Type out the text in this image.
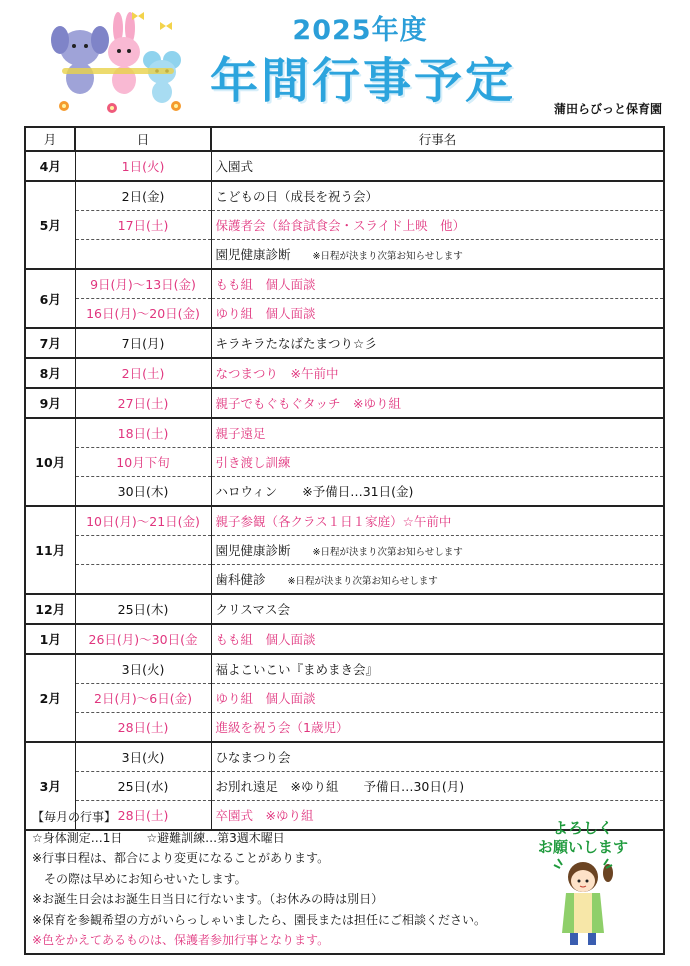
2025年度
年間行事予定	蒲田らびっと保育園
月	日	行事名
4月	1日(火)	入園式
5月	2日(金)	こどもの日（成長を祝う会）
	17日(土)	保護者会（給食試食会・スライド上映　他）
		園児健康診断 ※日程が決まり次第お知らせします
6月	9日(月)～13日(金)	もも組　個人面談
	16日(月)～20日(金)	ゆり組　個人面談
7月	7日(月)	キラキラたなばたまつり☆彡
8月	2日(土)	なつまつり　※午前中
9月	27日(土)	親子でもぐもぐタッチ　※ゆり組
10月	18日(土)	親子遠足
	10月下旬	引き渡し訓練
	30日(木)	ハロウィン　　※予備日…31日(金)
11月	10日(月)～21日(金)	親子参観（各クラス１日１家庭）☆午前中
		園児健康診断 ※日程が決まり次第お知らせします
		歯科健診 ※日程が決まり次第お知らせします
12月	25日(木)	クリスマス会
1月	26日(月)～30日(金	もも組　個人面談
2月	3日(火)	福よこいこい『まめまき会』
	2日(月)～6日(金)	ゆり組　個人面談
	28日(土)	進級を祝う会（1歳児）
3月	3日(火)	ひなまつり会
	25日(水)	お別れ遠足　※ゆり組　　予備日…30日(月)
	28日(土)	卒園式　※ゆり組
【毎月の行事】
☆身体測定…1日　　☆避難訓練…第3週木曜日
※行事日程は、都合により変更になることがあります。
　その際は早めにお知らせいたします。
※お誕生日会はお誕生日当日に行ないます。（お休みの時は別日）
※保育を参観希望の方がいらっしゃいましたら、園長または担任にご相談ください。
※色をかえてあるものは、保護者参加行事となります。
よろしく
お願いします
